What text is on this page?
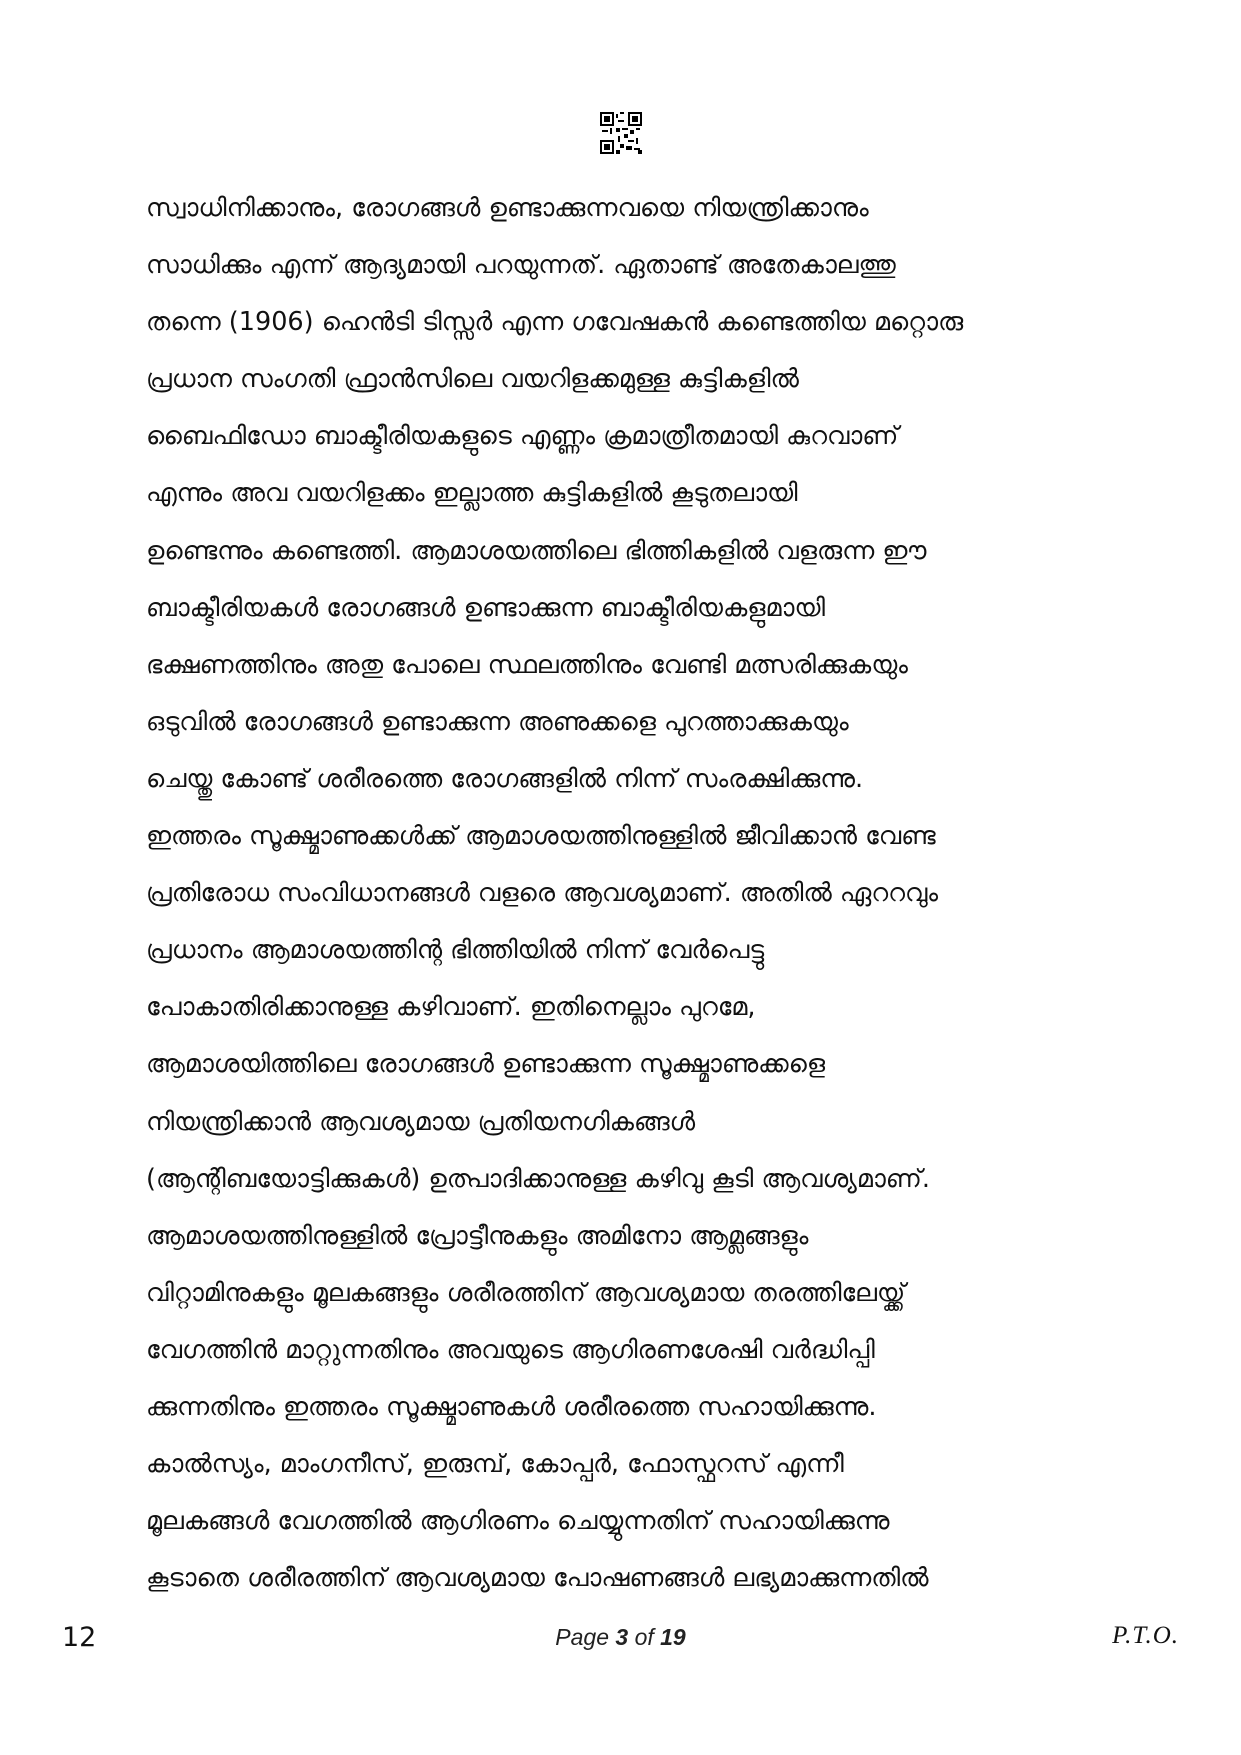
സ്വാധിനിക്കാനും, രോഗങ്ങൾ ഉണ്ടാക്കുന്നവയെ നിയന്ത്രിക്കാനും
സാധിക്കും എന്ന് ആദ്യമായി പറയുന്നത്. ഏതാണ്ട് അതേകാലത്തു
തന്നെ (1906) ഹെൻടി ടിസ്സർ എന്ന ഗവേഷകൻ കണ്ടെത്തിയ മറ്റൊരു
പ്രധാന സംഗതി ഫ്രാൻസിലെ വയറിളക്കമുള്ള കുട്ടികളിൽ
ബൈഫിഡോ ബാക്ടീരിയകളുടെ എണ്ണം ക്രമാത്രീതമായി കുറവാണ്
എന്നും അവ വയറിളക്കം ഇല്ലാത്ത കുട്ടികളിൽ കൂടുതലായി
ഉണ്ടെന്നും കണ്ടെത്തി. ആമാശയത്തിലെ ഭിത്തികളിൽ വളരുന്ന ഈ
ബാക്ടീരിയകൾ രോഗങ്ങൾ ഉണ്ടാക്കുന്ന ബാക്ടീരിയകളുമായി
ഭക്ഷണത്തിനും അതു പോലെ സ്ഥലത്തിനും വേണ്ടി മത്സരിക്കുകയും
ഒടുവിൽ രോഗങ്ങൾ ഉണ്ടാക്കുന്ന അണുക്കളെ പുറത്താക്കുകയും
ചെയ്തു കോണ്ട് ശരീരത്തെ രോഗങ്ങളിൽ നിന്ന് സംരക്ഷിക്കുന്നു.
ഇത്തരം സൂക്ഷ്മാണുക്കൾക്ക് ആമാശയത്തിനുള്ളിൽ ജീവിക്കാൻ വേണ്ട
പ്രതിരോധ സംവിധാനങ്ങൾ വളരെ ആവശ്യമാണ്. അതിൽ ഏററവും
പ്രധാനം ആമാശയത്തിന്റ ഭിത്തിയിൽ നിന്ന് വേർപെട്ടു
പോകാതിരിക്കാനുള്ള കഴിവാണ്. ഇതിനെല്ലാം പുറമേ,
ആമാശയിത്തിലെ രോഗങ്ങൾ ഉണ്ടാക്കുന്ന സൂക്ഷ്മാണുക്കളെ
നിയന്ത്രിക്കാൻ ആവശ്യമായ പ്രതിയനഗികങ്ങൾ
(ആന്റിബയോട്ടിക്കുകൾ) ഉത്പാദിക്കാനുള്ള കഴിവു കൂടി ആവശ്യമാണ്.
ആമാശയത്തിനുള്ളിൽ പ്രോട്ടീനുകളും അമിനോ ആമ്ലങ്ങളും
വിറ്റാമിനുകളും മൂലകങ്ങളും ശരീരത്തിന് ആവശ്യമായ തരത്തിലേയ്ക്ക്
വേഗത്തിൻ മാറ്റുന്നതിനും അവയുടെ ആഗിരണശേഷി വർദ്ധിപ്പി
ക്കുന്നതിനും ഇത്തരം സൂക്ഷ്മാണുകൾ ശരീരത്തെ സഹായിക്കുന്നു.
കാൽസ്യം, മാംഗനീസ്, ഇരുമ്പ്, കോപ്പർ, ഫോസ്ഫറസ് എന്നീ
മൂലകങ്ങൾ വേഗത്തിൽ ആഗിരണം ചെയ്യുന്നതിന് സഹായിക്കുന്നു
കൂടാതെ ശരീരത്തിന് ആവശ്യമായ പോഷണങ്ങൾ ലഭ്യമാക്കുന്നതിൽ
12	Page 3 of 19	P.T.O.
